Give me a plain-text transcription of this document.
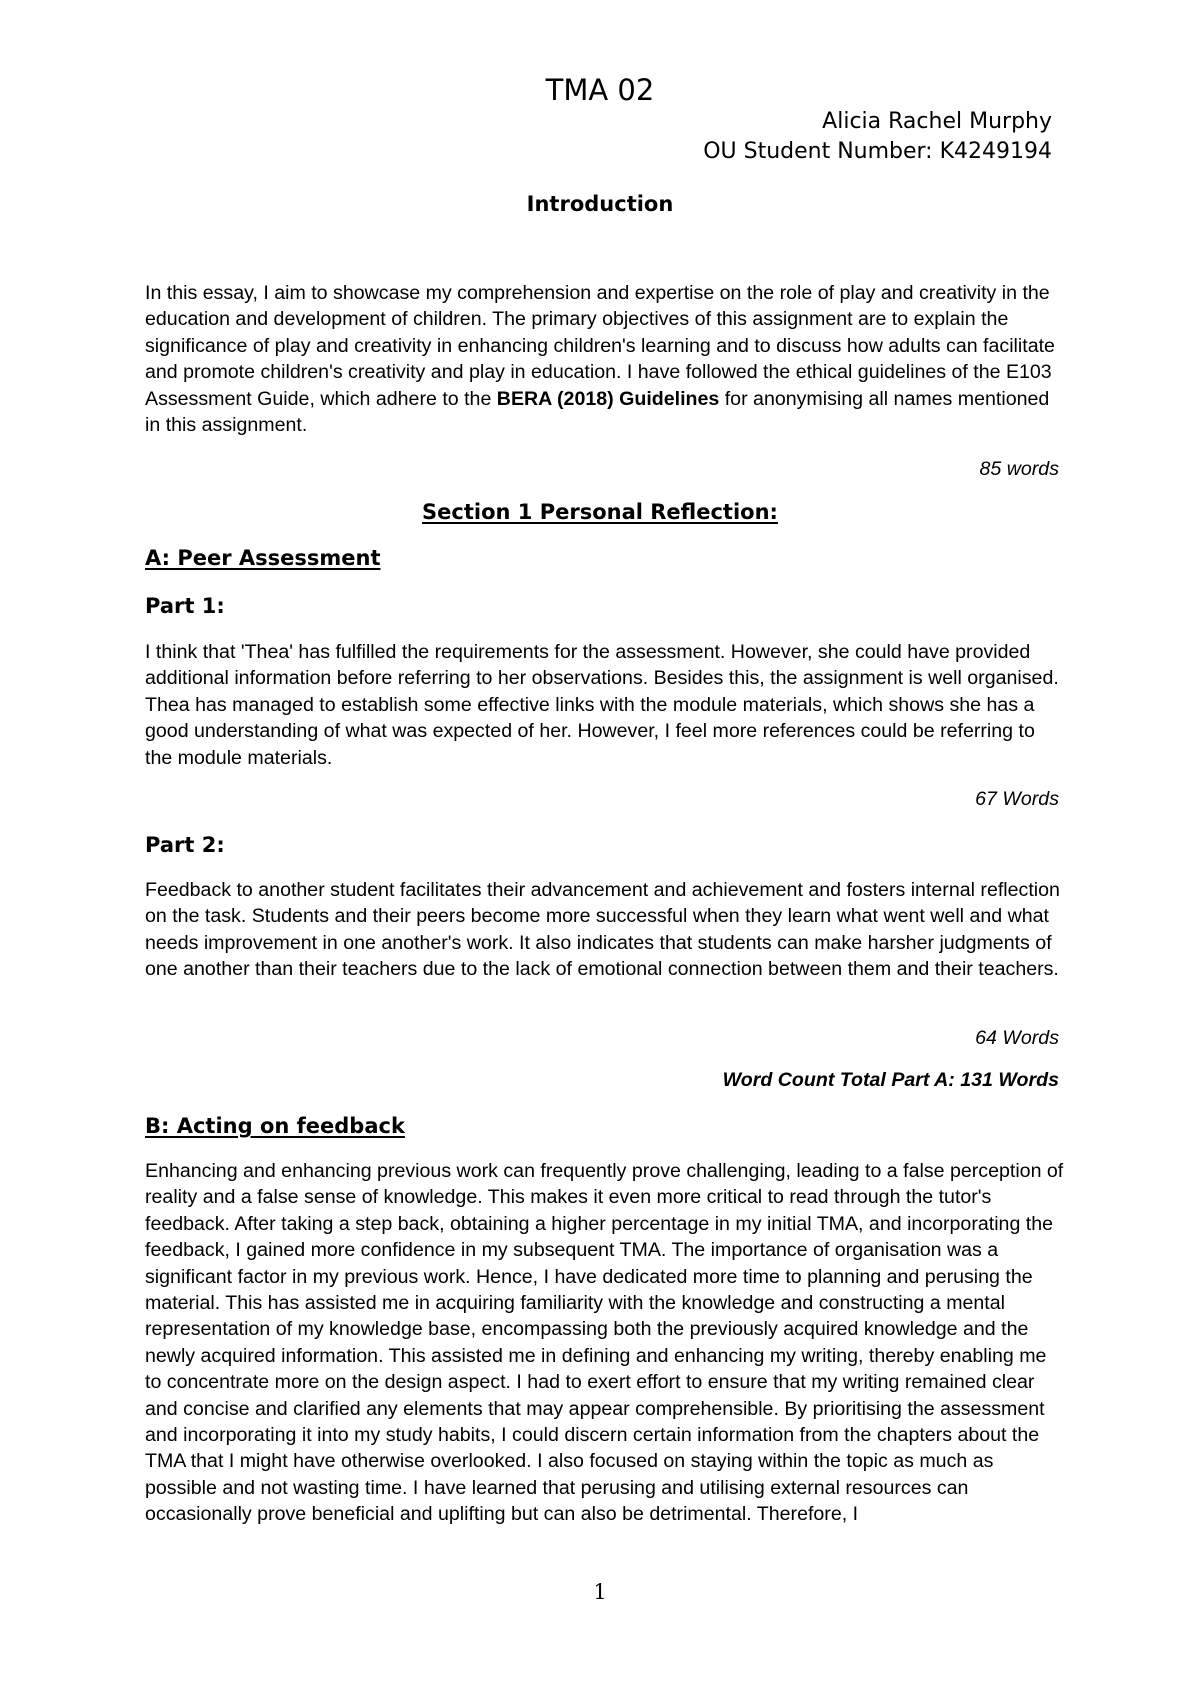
TMA 02
Alicia Rachel Murphy
OU Student Number: K4249194
Introduction

In this essay, I aim to showcase my comprehension and expertise on the role of play and creativity in the education and development of children. The primary objectives of this assignment are to explain the significance of play and creativity in enhancing children's learning and to discuss how adults can facilitate and promote children's creativity and play in education. I have followed the ethical guidelines of the E103 Assessment Guide, which adhere to the BERA (2018) Guidelines for anonymising all names mentioned in this assignment.

85 words
Section 1 Personal Reflection:
A: Peer Assessment
Part 1:

I think that 'Thea' has fulfilled the requirements for the assessment. However, she could have provided additional information before referring to her observations. Besides this, the assignment is well organised. Thea has managed to establish some effective links with the module materials, which shows she has a good understanding of what was expected of her. However, I feel more references could be referring to the module materials.

67 Words
Part 2:

Feedback to another student facilitates their advancement and achievement and fosters internal reflection on the task. Students and their peers become more successful when they learn what went well and what needs improvement in one another's work. It also indicates that students can make harsher judgments of one another than their teachers due to the lack of emotional connection between them and their teachers.

64 Words
Word Count Total Part A: 131 Words
B: Acting on feedback

Enhancing and enhancing previous work can frequently prove challenging, leading to a false perception of reality and a false sense of knowledge. This makes it even more critical to read through the tutor's feedback. After taking a step back, obtaining a higher percentage in my initial TMA, and incorporating the feedback, I gained more confidence in my subsequent TMA. The importance of organisation was a significant factor in my previous work. Hence, I have dedicated more time to planning and perusing the material. This has assisted me in acquiring familiarity with the knowledge and constructing a mental representation of my knowledge base, encompassing both the previously acquired knowledge and the newly acquired information. This assisted me in defining and enhancing my writing, thereby enabling me to concentrate more on the design aspect. I had to exert effort to ensure that my writing remained clear and concise and clarified any elements that may appear comprehensible. By prioritising the assessment and incorporating it into my study habits, I could discern certain information from the chapters about the TMA that I might have otherwise overlooked. I also focused on staying within the topic as much as possible and not wasting time. I have learned that perusing and utilising external resources can occasionally prove beneficial and uplifting but can also be detrimental. Therefore, I

1
